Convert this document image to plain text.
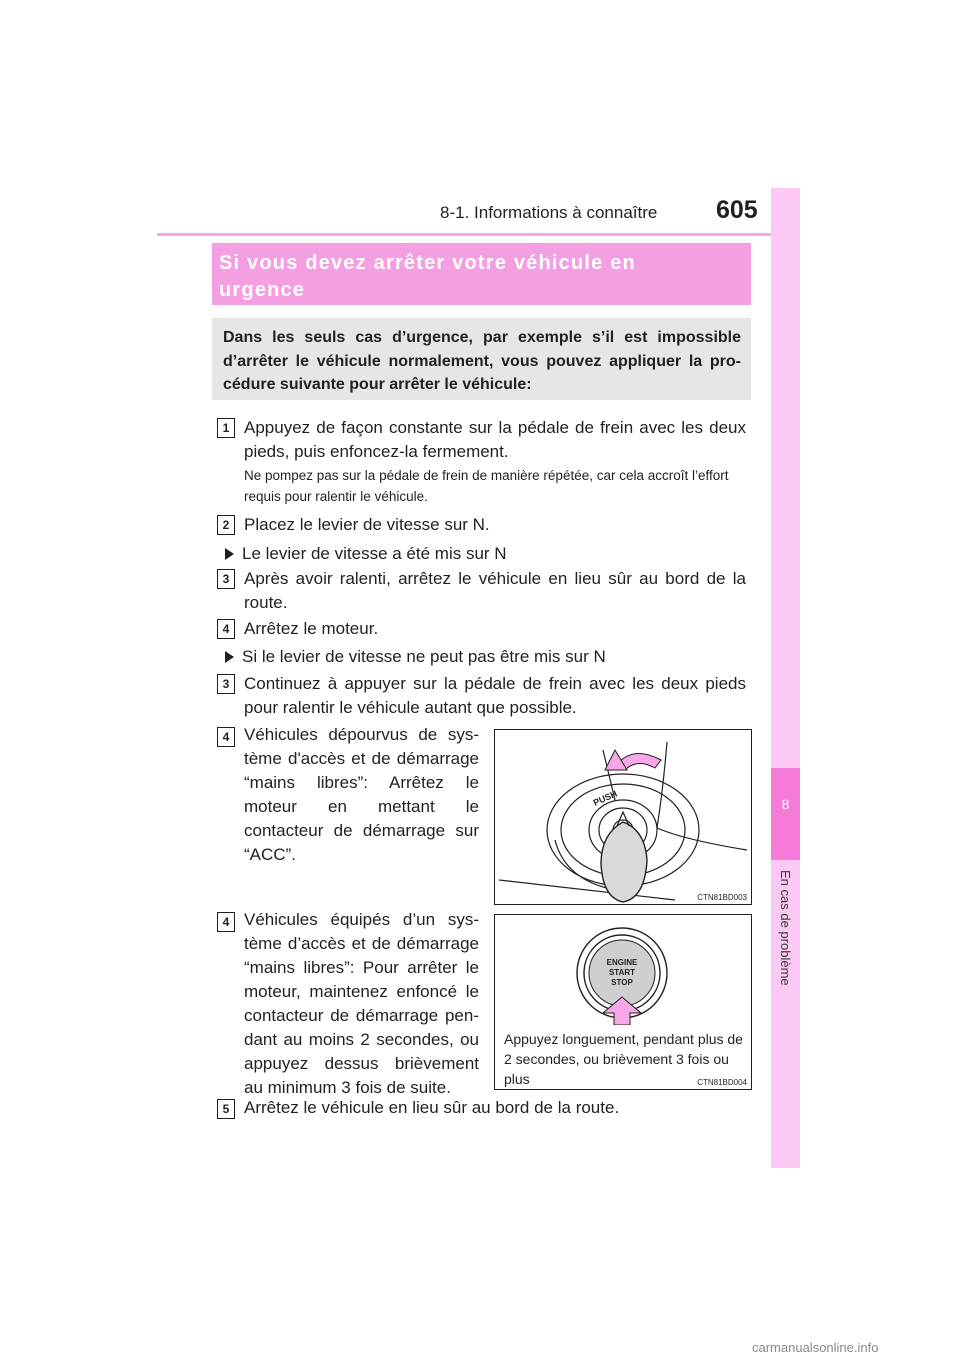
8-1. Informations à connaître 605
8
En cas de problème
Si vous devez arrêter votre véhicule en urgence
Dans les seuls cas d’urgence, par exemple s’il est impossible d’arrêter le véhicule normalement, vous pouvez appliquer la pro-cédure suivante pour arrêter le véhicule:
1 Appuyez de façon constante sur la pédale de frein avec les deux pieds, puis enfoncez-la fermement.
Ne pompez pas sur la pédale de frein de manière répétée, car cela accroît l’effort requis pour ralentir le véhicule.
2 Placez le levier de vitesse sur N.
Le levier de vitesse a été mis sur N
3 Après avoir ralenti, arrêtez le véhicule en lieu sûr au bord de la route.
4 Arrêtez le moteur.
Si le levier de vitesse ne peut pas être mis sur N
3 Continuez à appuyer sur la pédale de frein avec les deux pieds pour ralentir le véhicule autant que possible.
4 Véhicules dépourvus de sys-tème d'accès et de démarrage “mains libres”: Arrêtez le moteur en mettant le contacteur de démarrage sur “ACC”.
PUSH
CTN81BD003
4 Véhicules équipés d’un sys-tème d’accès et de démarrage “mains libres”: Pour arrêter le moteur, maintenez enfoncé le contacteur de démarrage pen-dant au moins 2 secondes, ou appuyez dessus brièvement au minimum 3 fois de suite.
ENGINE
START
STOP
Appuyez longuement, pendant plus de 2 secondes, ou brièvement 3 fois ou plus	CTN81BD004
5 Arrêtez le véhicule en lieu sûr au bord de la route.
carmanualsonline.info
